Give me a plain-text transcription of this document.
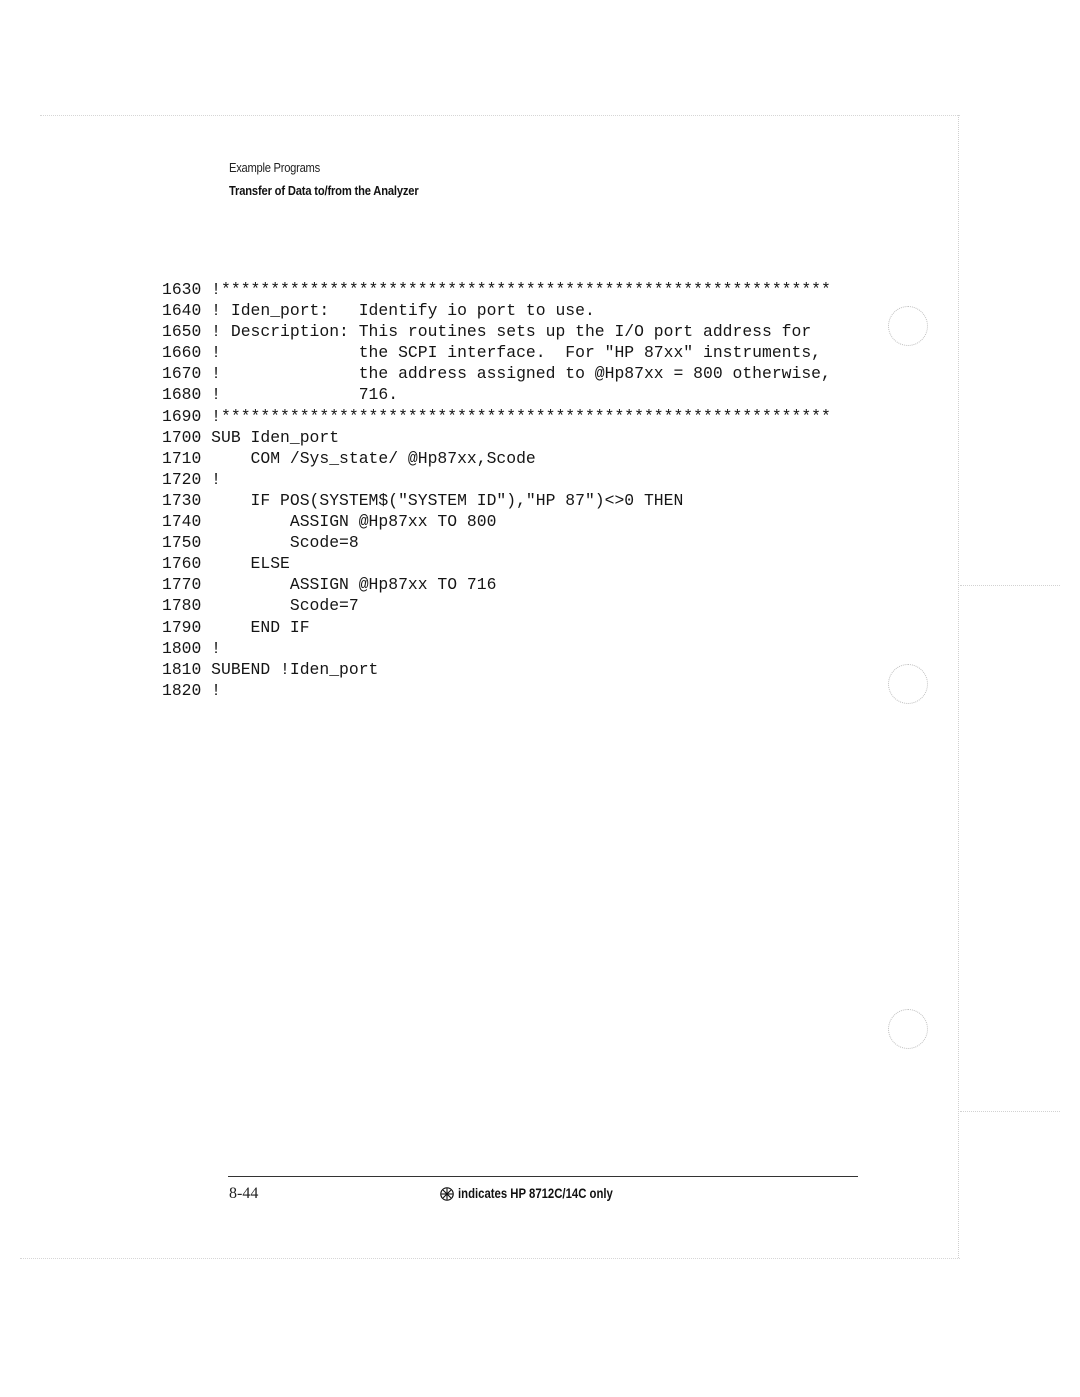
Example Programs
Transfer of Data to/from the Analyzer
1630 !**************************************************************
1640 ! Iden_port:   Identify io port to use.
1650 ! Description: This routines sets up the I/O port address for
1660 !              the SCPI interface.  For "HP 87xx" instruments,
1670 !              the address assigned to @Hp87xx = 800 otherwise,
1680 !              716.
1690 !**************************************************************
1700 SUB Iden_port
1710     COM /Sys_state/ @Hp87xx,Scode
1720 !
1730     IF POS(SYSTEM$("SYSTEM ID"),"HP 87")<>0 THEN
1740         ASSIGN @Hp87xx TO 800
1750         Scode=8
1760     ELSE
1770         ASSIGN @Hp87xx TO 716
1780         Scode=7
1790     END IF
1800 !
1810 SUBEND !Iden_port
1820 !
8-44	indicates HP 8712C/14C only
